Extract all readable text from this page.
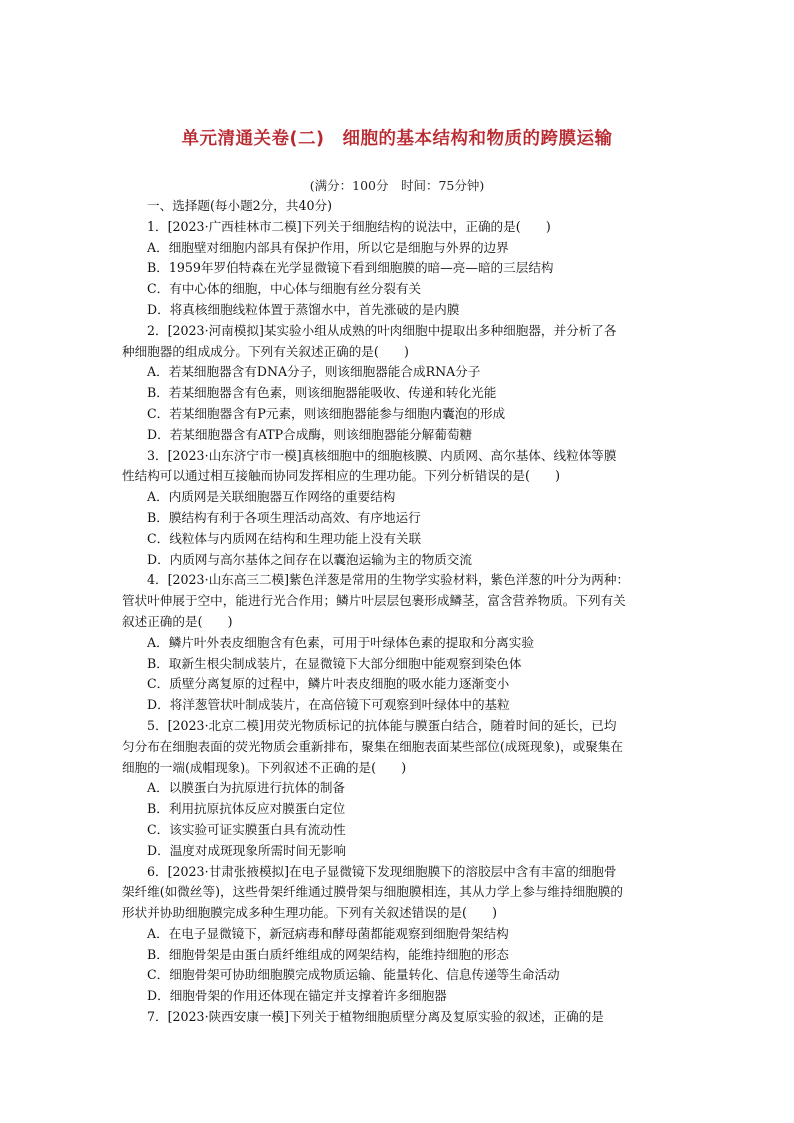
单元清通关卷(二)　细胞的基本结构和物质的跨膜运输
(满分：100分　时间：75分钟)
一、选择题(每小题2分，共40分)
1．[2023·广西桂林市二模]下列关于细胞结构的说法中，正确的是(　　)
A．细胞壁对细胞内部具有保护作用，所以它是细胞与外界的边界
B．1959年罗伯特森在光学显微镜下看到细胞膜的暗—亮—暗的三层结构
C．有中心体的细胞，中心体与细胞有丝分裂有关
D．将真核细胞线粒体置于蒸馏水中，首先涨破的是内膜
2．[2023·河南模拟]某实验小组从成熟的叶肉细胞中提取出多种细胞器，并分析了各
种细胞器的组成成分。下列有关叙述正确的是(　　)
A．若某细胞器含有DNA分子，则该细胞器能合成RNA分子
B．若某细胞器含有色素，则该细胞器能吸收、传递和转化光能
C．若某细胞器含有P元素，则该细胞器能参与细胞内囊泡的形成
D．若某细胞器含有ATP合成酶，则该细胞器能分解葡萄糖
3．[2023·山东济宁市一模]真核细胞中的细胞核膜、内质网、高尔基体、线粒体等膜
性结构可以通过相互接触而协同发挥相应的生理功能。下列分析错误的是(　　)
A．内质网是关联细胞器互作网络的重要结构
B．膜结构有利于各项生理活动高效、有序地运行
C．线粒体与内质网在结构和生理功能上没有关联
D．内质网与高尔基体之间存在以囊泡运输为主的物质交流
4．[2023·山东高三二模]紫色洋葱是常用的生物学实验材料，紫色洋葱的叶分为两种：
管状叶伸展于空中，能进行光合作用；鳞片叶层层包裹形成鳞茎，富含营养物质。下列有关
叙述正确的是(　　)
A．鳞片叶外表皮细胞含有色素，可用于叶绿体色素的提取和分离实验
B．取新生根尖制成装片，在显微镜下大部分细胞中能观察到染色体
C．质壁分离复原的过程中，鳞片叶表皮细胞的吸水能力逐渐变小
D．将洋葱管状叶制成装片，在高倍镜下可观察到叶绿体中的基粒
5．[2023·北京二模]用荧光物质标记的抗体能与膜蛋白结合，随着时间的延长，已均
匀分布在细胞表面的荧光物质会重新排布，聚集在细胞表面某些部位(成斑现象)，或聚集在
细胞的一端(成帽现象)。下列叙述不正确的是(　　)
A．以膜蛋白为抗原进行抗体的制备
B．利用抗原抗体反应对膜蛋白定位
C．该实验可证实膜蛋白具有流动性
D．温度对成斑现象所需时间无影响
6．[2023·甘肃张掖模拟]在电子显微镜下发现细胞膜下的溶胶层中含有丰富的细胞骨
架纤维(如微丝等)，这些骨架纤维通过膜骨架与细胞膜相连，其从力学上参与维持细胞膜的
形状并协助细胞膜完成多种生理功能。下列有关叙述错误的是(　　)
A．在电子显微镜下，新冠病毒和酵母菌都能观察到细胞骨架结构
B．细胞骨架是由蛋白质纤维组成的网架结构，能维持细胞的形态
C．细胞骨架可协助细胞膜完成物质运输、能量转化、信息传递等生命活动
D．细胞骨架的作用还体现在锚定并支撑着许多细胞器
7．[2023·陕西安康一模]下列关于植物细胞质壁分离及复原实验的叙述，正确的是
